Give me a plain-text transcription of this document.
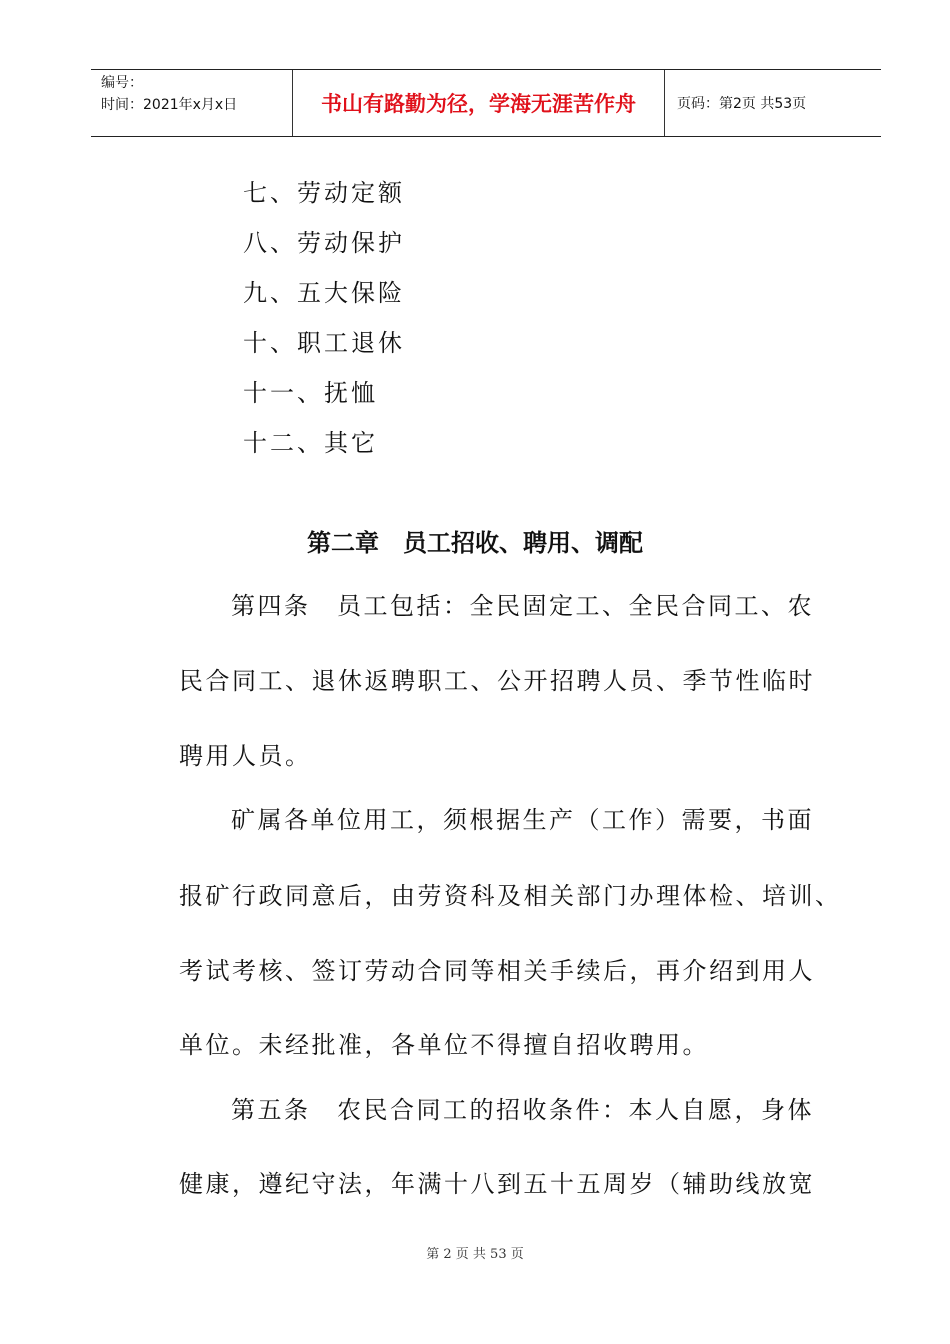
编号：
时间：2021年x月x日	书山有路勤为径，学海无涯苦作舟	页码：第2页 共53页
七、劳动定额
八、劳动保护
九、五大保险
十、职工退休
十一、抚恤
十二、其它
第二章　员工招收、聘用、调配
第四条　员工包括：全民固定工、全民合同工、农
民合同工、退休返聘职工、公开招聘人员、季节性临时
聘用人员。
矿属各单位用工，须根据生产（工作）需要，书面
报矿行政同意后，由劳资科及相关部门办理体检、培训、
考试考核、签订劳动合同等相关手续后，再介绍到用人
单位。未经批准，各单位不得擅自招收聘用。
第五条　农民合同工的招收条件：本人自愿，身体
健康，遵纪守法，年满十八到五十五周岁（辅助线放宽
第 2 页 共 53 页
